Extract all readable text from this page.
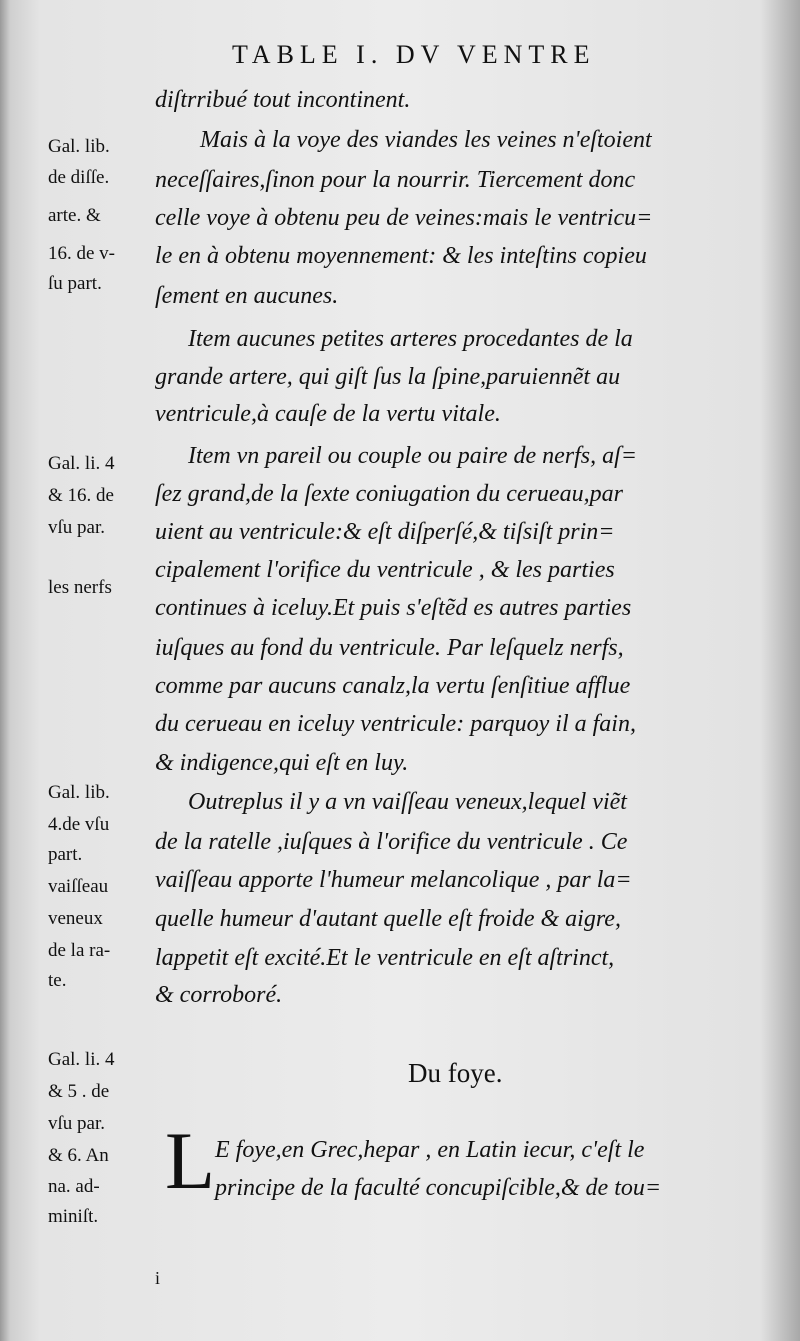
TABLE I. DV VENTRE
diſtrribué tout incontinent.
Mais à la voye des viandes les veines n'eſtoient
neceſſaires,ſinon pour la nourrir. Tiercement donc
celle voye à obtenu peu de veines:mais le ventricu=
le en à obtenu moyennement: & les inteſtins copieu
ſement en aucunes.
Item aucunes petites arteres procedantes de la
grande artere, qui giſt ſus la ſpine,paruiennẽt au
ventricule,à cauſe de la vertu vitale.
Item vn pareil ou couple ou paire de nerfs, aſ=
ſez grand,de la ſexte coniugation du cerueau,par
uient au ventricule:& eſt diſperſé,& tiſsiſt prin=
cipalement l'orifice du ventricule , & les parties
continues à iceluy.Et puis s'eſtẽd es autres parties
iuſques au fond du ventricule. Par leſquelz nerfs,
comme par aucuns canalz,la vertu ſenſitiue afflue
du cerueau en iceluy ventricule: parquoy il a fain,
& indigence,qui eſt en luy.
Outreplus il y a vn vaiſſeau veneux,lequel viẽt
de la ratelle ,iuſques à l'orifice du ventricule . Ce
vaiſſeau apporte l'humeur melancolique , par la=
quelle humeur d'autant quelle eſt froide & aigre,
lappetit eſt excité.Et le ventricule en eſt aſtrinct,
& corroboré.
Du foye.
L E foye,en Grec,hepar , en Latin iecur, c'eſt le
principe de la faculté concupiſcible,& de tou=
Gal. lib.
de diſſe.
arte. &
16. de v-
ſu part.
Gal. li. 4
& 16. de
vſu par.
les nerfs
Gal. lib.
4.de vſu
part.
vaiſſeau
veneux
de la ra-
te.
Gal. li. 4
& 5 . de
vſu par.
& 6. An
na. ad-
miniſt.
i
